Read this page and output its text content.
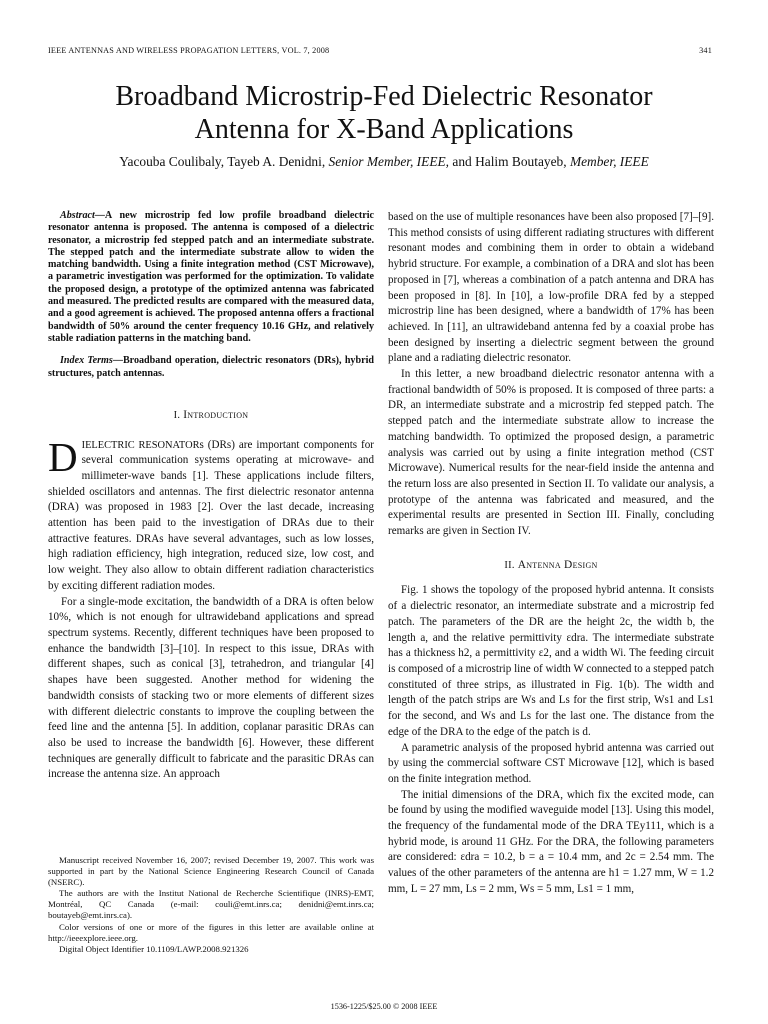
IEEE ANTENNAS AND WIRELESS PROPAGATION LETTERS, VOL. 7, 2008	341
Broadband Microstrip-Fed Dielectric Resonator
Antenna for X-Band Applications
Yacouba Coulibaly, Tayeb A. Denidni, Senior Member, IEEE, and Halim Boutayeb, Member, IEEE

Abstract—A new microstrip fed low profile broadband dielectric resonator antenna is proposed. The antenna is composed of a dielectric resonator, a microstrip fed stepped patch and an intermediate substrate. The stepped patch and the intermediate substrate allow to widen the matching bandwidth. Using a finite integration method (CST Microwave), a parametric investigation was performed for the optimization. To validate the proposed design, a prototype of the optimized antenna was fabricated and measured. The predicted results are compared with the measured data, and a good agreement is achieved. The proposed antenna offers a fractional bandwidth of 50% around the center frequency 10.16 GHz, and relatively stable radiation patterns in the matching band.

Index Terms—Broadband operation, dielectric resonators (DRs), hybrid structures, patch antennas.

I. Introduction

DIELECTRIC RESONATORs (DRs) are important components for several communication systems operating at microwave- and millimeter-wave bands [1]. These applications include filters, shielded oscillators and antennas. The first dielectric resonator antenna (DRA) was proposed in 1983 [2]. Over the last decade, increasing attention has been paid to the investigation of DRAs due to their attractive features. DRAs have several advantages, such as low losses, high radiation efficiency, high integration, reduced size, low cost, and low weight. They also allow to obtain different radiation characteristics by exciting different radiation modes.

For a single-mode excitation, the bandwidth of a DRA is often below 10%, which is not enough for ultrawideband applications and spread spectrum systems. Recently, different techniques have been proposed to enhance the bandwidth [3]–[10]. In respect to this issue, DRAs with different shapes, such as conical [3], tetrahedron, and triangular [4] shapes have been suggested. Another method for widening the bandwidth consists of stacking two or more elements of different sizes with different dielectric constants to improve the coupling between the feed line and the antenna [5]. In addition, coplanar parasitic DRAs can also be used to increase the bandwidth [6]. However, these different techniques are generally difficult to fabricate and the parasitic DRAs can increase the antenna size. An approach

Manuscript received November 16, 2007; revised December 19, 2007. This work was supported in part by the National Science Engineering Research Council of Canada (NSERC).

The authors are with the Institut National de Recherche Scientifique (INRS)-EMT, Montréal, QC Canada (e-mail: couli@emt.inrs.ca; denidni@emt.inrs.ca; boutayeb@emt.inrs.ca).

Color versions of one or more of the figures in this letter are available online at http://ieeexplore.ieee.org.

Digital Object Identifier 10.1109/LAWP.2008.921326

based on the use of multiple resonances have been also proposed [7]–[9]. This method consists of using different radiating structures with different resonant modes and combining them in order to obtain a wideband hybrid structure. For example, a combination of a DRA and slot has been proposed in [7], whereas a combination of a patch antenna and DRA has been proposed in [8]. In [10], a low-profile DRA fed by a stepped microstrip line has been designed, where a bandwidth of 17% has been achieved. In [11], an ultrawideband antenna fed by a coaxial probe has been designed by inserting a dielectric segment between the ground plane and a radiating dielectric resonator.

In this letter, a new broadband dielectric resonator antenna with a fractional bandwidth of 50% is proposed. It is composed of three parts: a DR, an intermediate substrate and a microstrip fed stepped patch. The stepped patch and the intermediate substrate allow to increase the matching bandwidth. To optimized the proposed design, a parametric analysis was carried out by using a finite integration method (CST Microwave). Numerical results for the near-field inside the antenna and the return loss are also presented in Section II. To validate our analysis, a prototype of the antenna was fabricated and measured, and the experimental results are presented in Section III. Finally, concluding remarks are given in Section IV.

II. Antenna Design

Fig. 1 shows the topology of the proposed hybrid antenna. It consists of a dielectric resonator, an intermediate substrate and a microstrip fed patch. The parameters of the DR are the height 2c, the width b, the length a, and the relative permittivity εdra. The intermediate substrate has a thickness h2, a permittivity ε2, and a width Wi. The feeding circuit is composed of a microstrip line of width W connected to a stepped patch constituted of three strips, as illustrated in Fig. 1(b). The width and length of the patch strips are Ws and Ls for the first strip, Ws1 and Ls1 for the second, and Ws and Ls for the last one. The distance from the edge of the DRA to the edge of the patch is d.

A parametric analysis of the proposed hybrid antenna was carried out by using the commercial software CST Microwave [12], which is based on the finite integration method.

The initial dimensions of the DRA, which fix the excited mode, can be found by using the modified waveguide model [13]. Using this model, the frequency of the fundamental mode of the DRA TEy111, which is a hybrid mode, is around 11 GHz. For the DRA, the following parameters are considered: εdra = 10.2, b = a = 10.4 mm, and 2c = 2.54 mm. The values of the other parameters of the antenna are h1 = 1.27 mm, W = 1.2 mm, L = 27 mm, Ls = 2 mm, Ws = 5 mm, Ls1 = 1 mm,

1536-1225/$25.00 © 2008 IEEE
